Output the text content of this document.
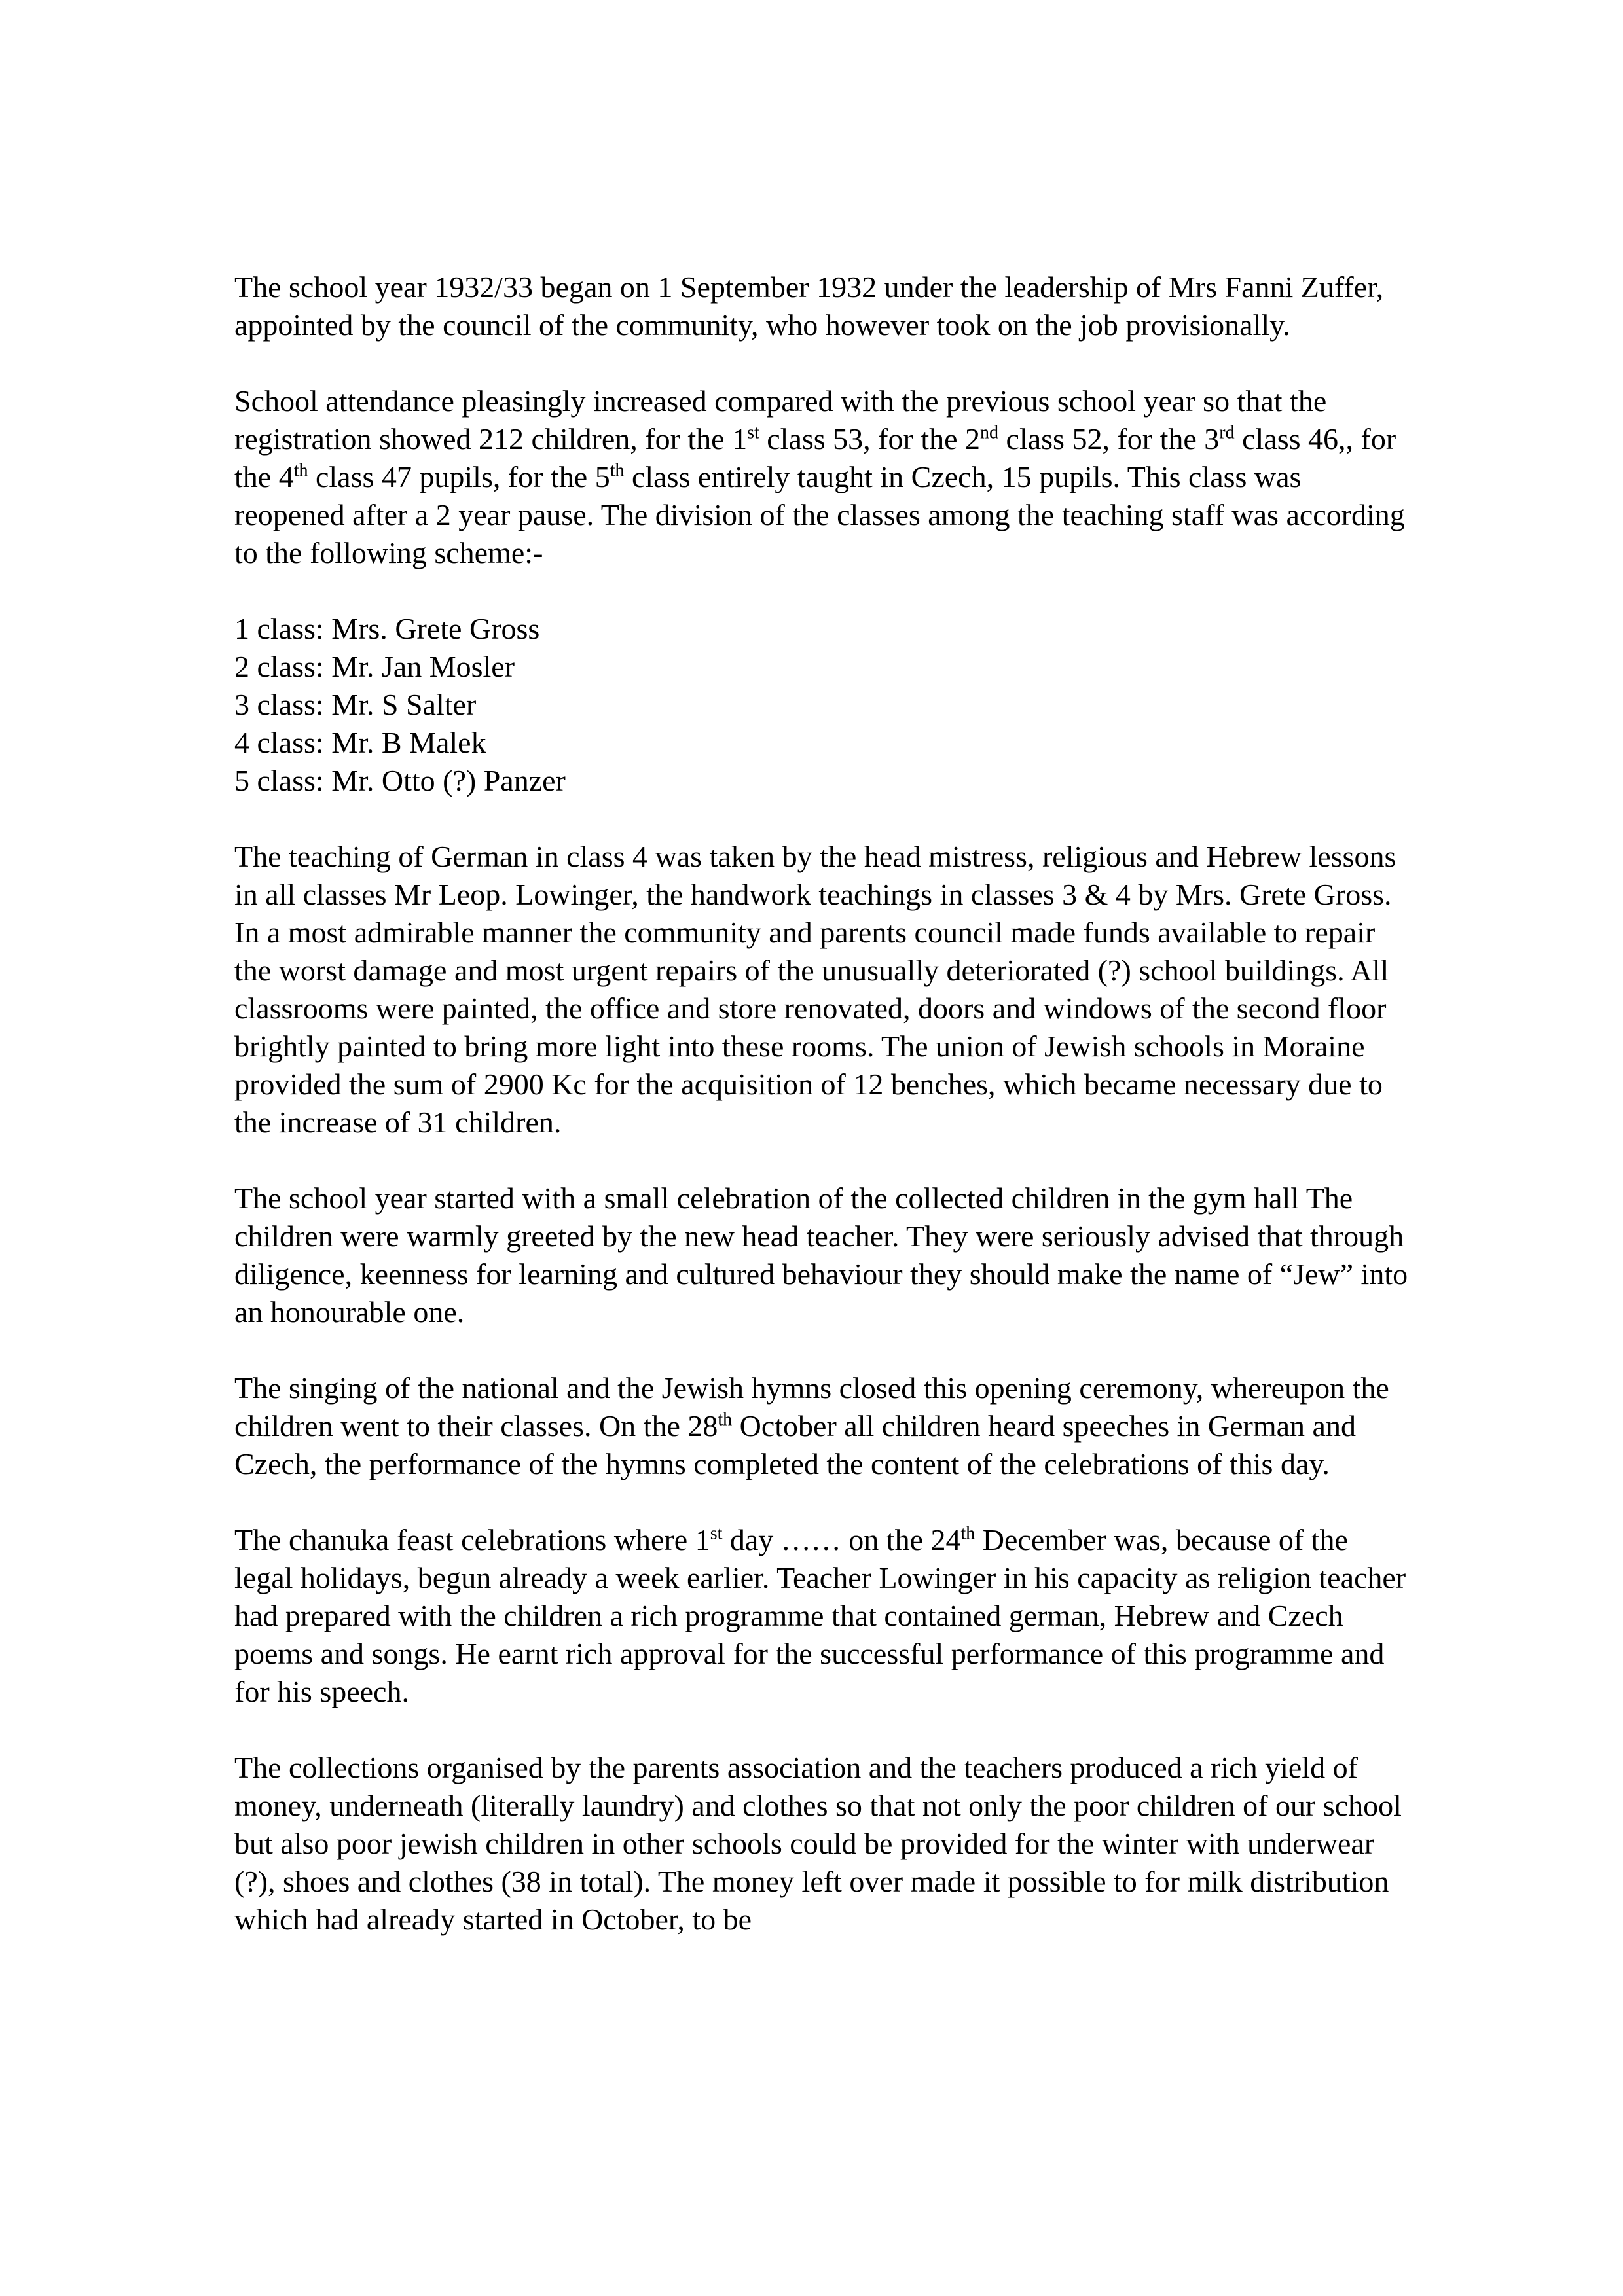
The school year 1932/33 began on 1 September 1932 under the leadership of Mrs Fanni Zuffer, appointed by the council of the community, who however took on the job provisionally.

School attendance pleasingly increased compared with the previous school year so that the registration showed 212 children, for the 1st class 53, for the 2nd class 52, for the 3rd class 46,, for the 4th class 47 pupils, for the 5th class entirely taught in Czech, 15 pupils. This class was reopened after a 2 year pause. The division of the classes among the teaching staff was according to the following scheme:-

1 class: Mrs. Grete Gross
2 class: Mr. Jan Mosler
3 class: Mr. S Salter
4 class: Mr. B Malek
5 class: Mr. Otto (?) Panzer

The teaching of German in class 4 was taken by the head mistress, religious and Hebrew lessons in all classes Mr Leop. Lowinger, the handwork teachings in classes 3 & 4 by Mrs. Grete Gross. In a most admirable manner the community and parents council made funds available to repair the worst damage and most urgent repairs of the unusually deteriorated (?) school buildings. All classrooms were painted, the office and store renovated, doors and windows of the second floor brightly painted to bring more light into these rooms. The union of Jewish schools in Moraine provided the sum of 2900 Kc for the acquisition of 12 benches, which became necessary due to the increase of 31 children.

The school year started with a small celebration of the collected children in the gym hall The children were warmly greeted by the new head teacher. They were seriously advised that through diligence, keenness for learning and cultured behaviour they should make the name of “Jew” into an honourable one.

The singing of the national and the Jewish hymns closed this opening ceremony, whereupon the children went to their classes. On the 28th October all children heard speeches in German and Czech, the performance of the hymns completed the content of the celebrations of this day.

The chanuka feast celebrations where 1st day …… on the 24th December was, because of the legal holidays, begun already a week earlier. Teacher Lowinger in his capacity as religion teacher had prepared with the children a rich programme that contained german, Hebrew and Czech poems and songs. He earnt rich approval for the successful performance of this programme and for his speech.

The collections organised by the parents association and the teachers produced a rich yield of money, underneath (literally laundry) and clothes so that not only the poor children of our school but also poor jewish children in other schools could be provided for the winter with underwear (?), shoes and clothes (38 in total). The money left over made it possible to for milk distribution which had already started in October, to be
